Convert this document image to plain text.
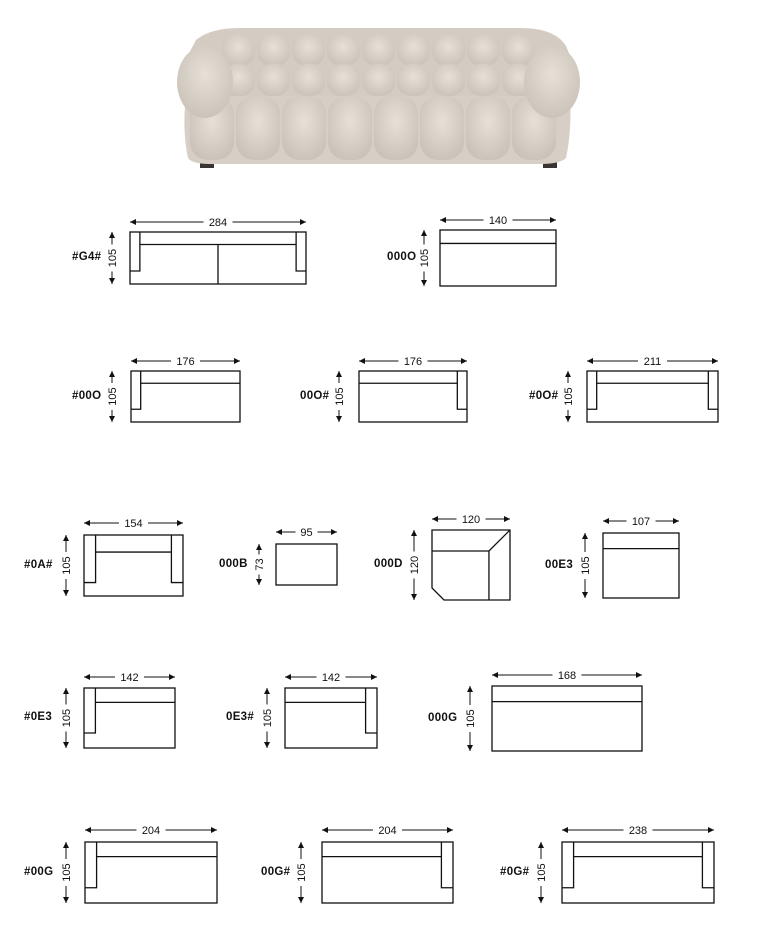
284
105
140
105
176
105
176
105
211
105
154
105
95
73
120
120
107
105
142
105
142
105
168
105
204
105
204
105
238
105
#G4#	000O
#00O	00O#	#0O#
#0A#	000B	000D	00E3
#0E3	0E3#	000G
#00G	00G#	#0G#
